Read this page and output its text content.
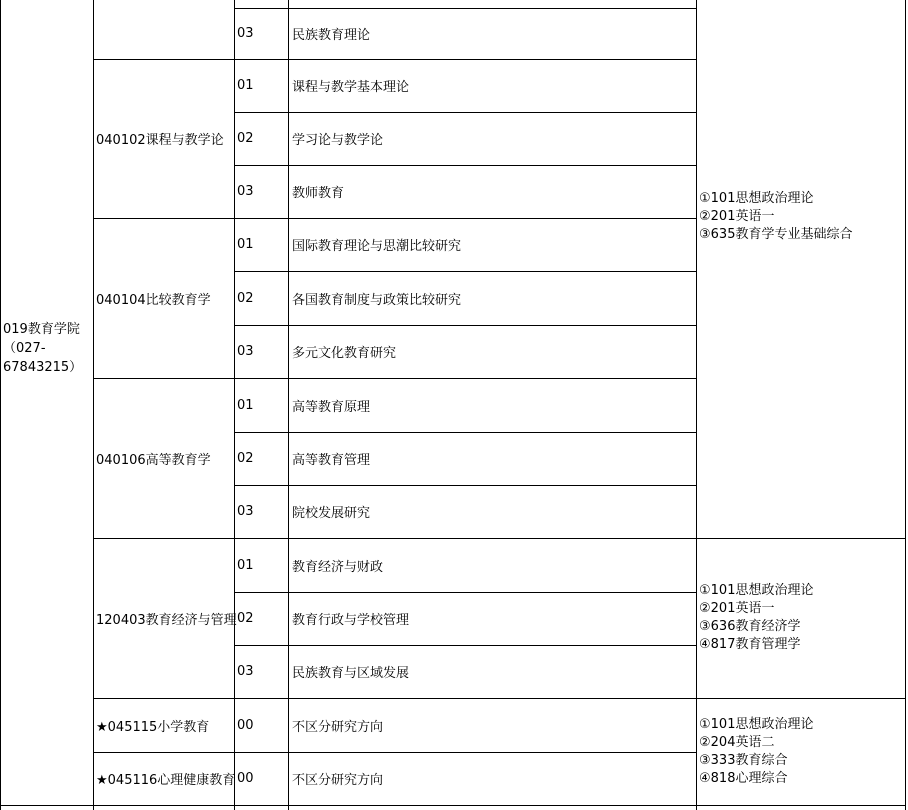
019教育学院
（027-
67843215）

①101思想政治理论
②201英语一
③635教育学专业基础综合

		03	民族教育理论	
	040102课程与教学论	01	课程与教学基本理论	
		02	学习论与教学论	
		03	教师教育	
	040104比较教育学	01	国际教育理论与思潮比较研究	
		02	各国教育制度与政策比较研究	
		03	多元文化教育研究	
	040106高等教育学	01	高等教育原理	
		02	高等教育管理	
		03	院校发展研究	
	120403教育经济与管理	01	教育经济与财政	①101思想政治理论
②201英语一
③636教育经济学
④817教育管理学

		02	教育行政与学校管理	
		03	民族教育与区域发展	
	★045115小学教育	00	不区分研究方向	①101思想政治理论
②204英语二
③333教育综合
④818心理综合

	★045116心理健康教育	00	不区分研究方向	
